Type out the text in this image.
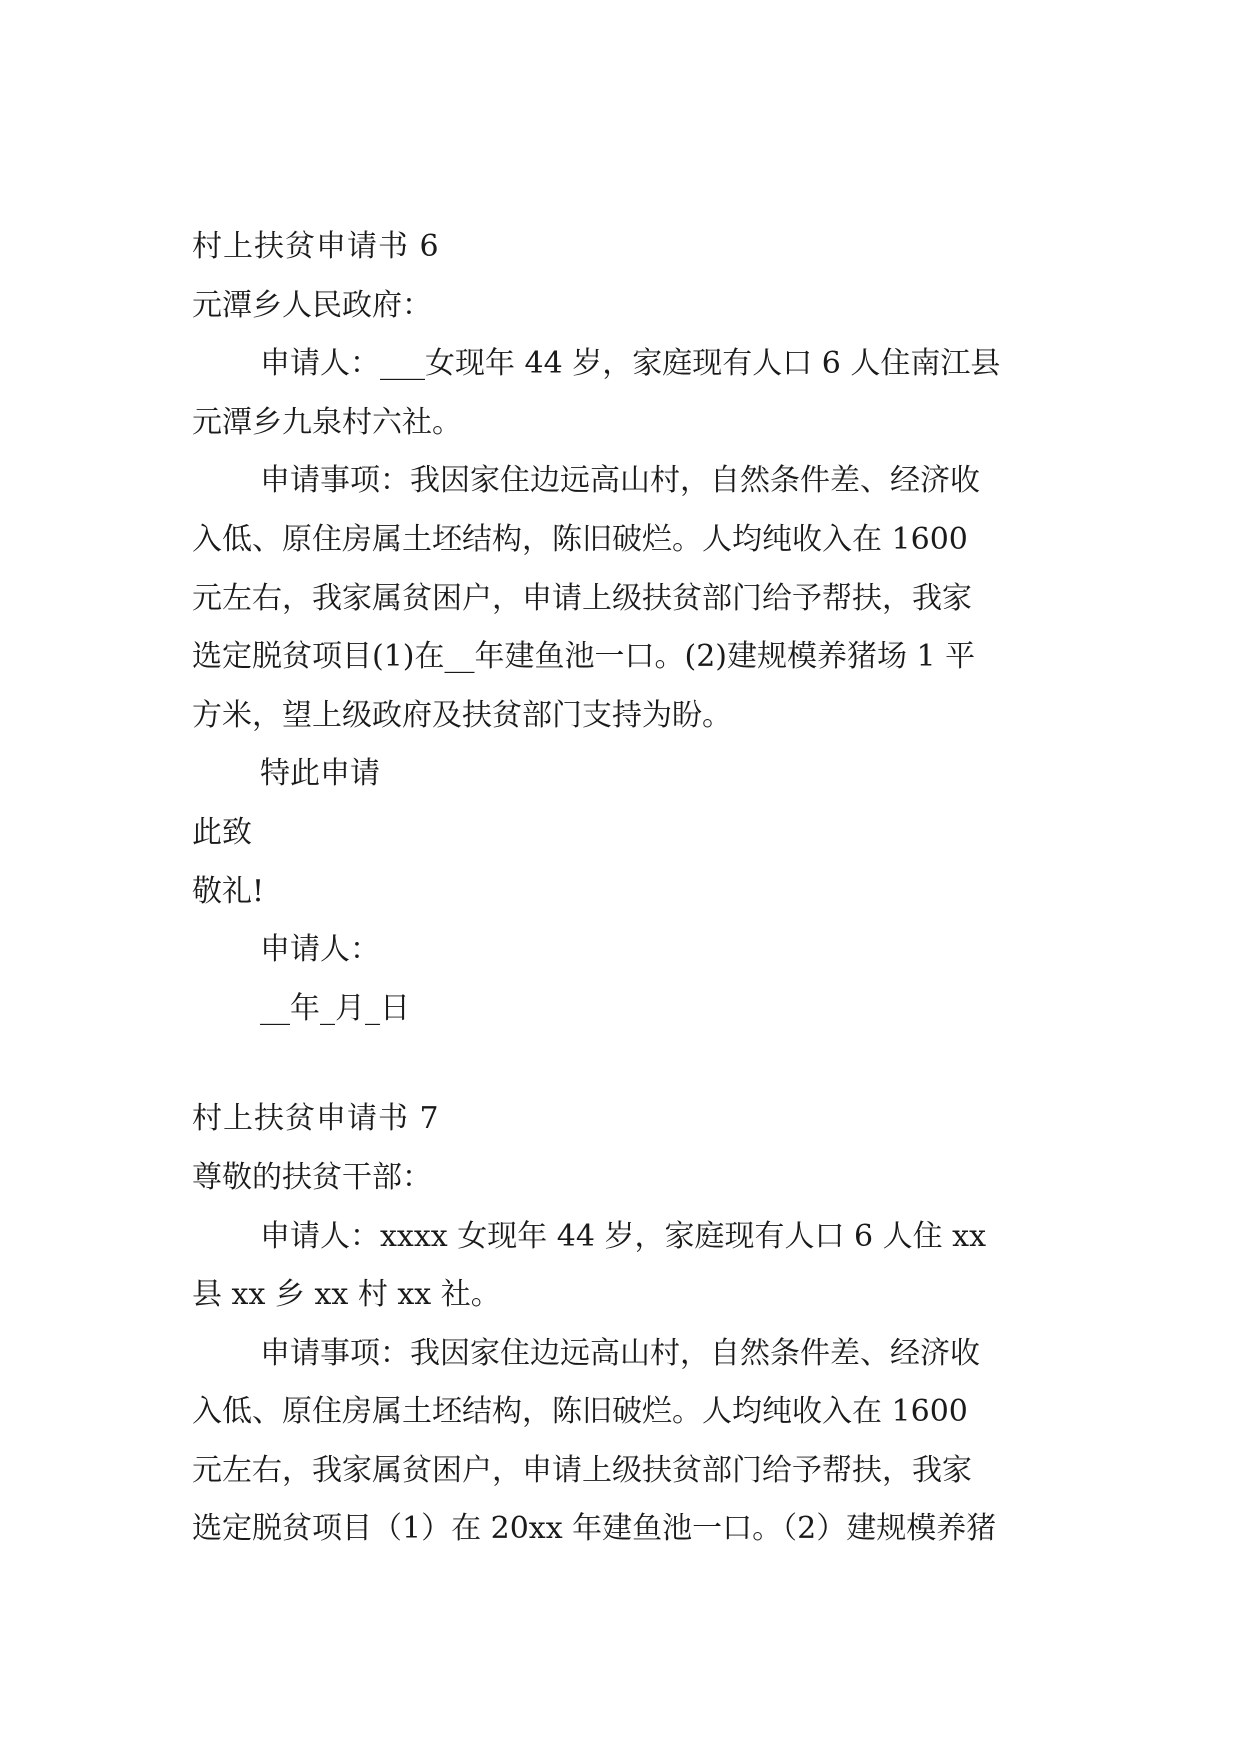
村上扶贫申请书 6

元潭乡人民政府：

申请人：___女现年 44 岁，家庭现有人口 6 人住南江县

元潭乡九泉村六社。

申请事项：我因家住边远高山村，自然条件差、经济收

入低、原住房属土坯结构，陈旧破烂。人均纯收入在 1600

元左右，我家属贫困户，申请上级扶贫部门给予帮扶，我家

选定脱贫项目(1)在__年建鱼池一口。(2)建规模养猪场 1 平

方米，望上级政府及扶贫部门支持为盼。

特此申请

此致

敬礼!

申请人：

__年_月_日

村上扶贫申请书 7

尊敬的扶贫干部：

申请人：xxxx 女现年 44 岁，家庭现有人口 6 人住 xx

县 xx 乡 xx 村 xx 社。

申请事项：我因家住边远高山村，自然条件差、经济收

入低、原住房属土坯结构，陈旧破烂。人均纯收入在 1600

元左右，我家属贫困户，申请上级扶贫部门给予帮扶，我家

选定脱贫项目（1）在 20xx 年建鱼池一口。（2）建规模养猪
